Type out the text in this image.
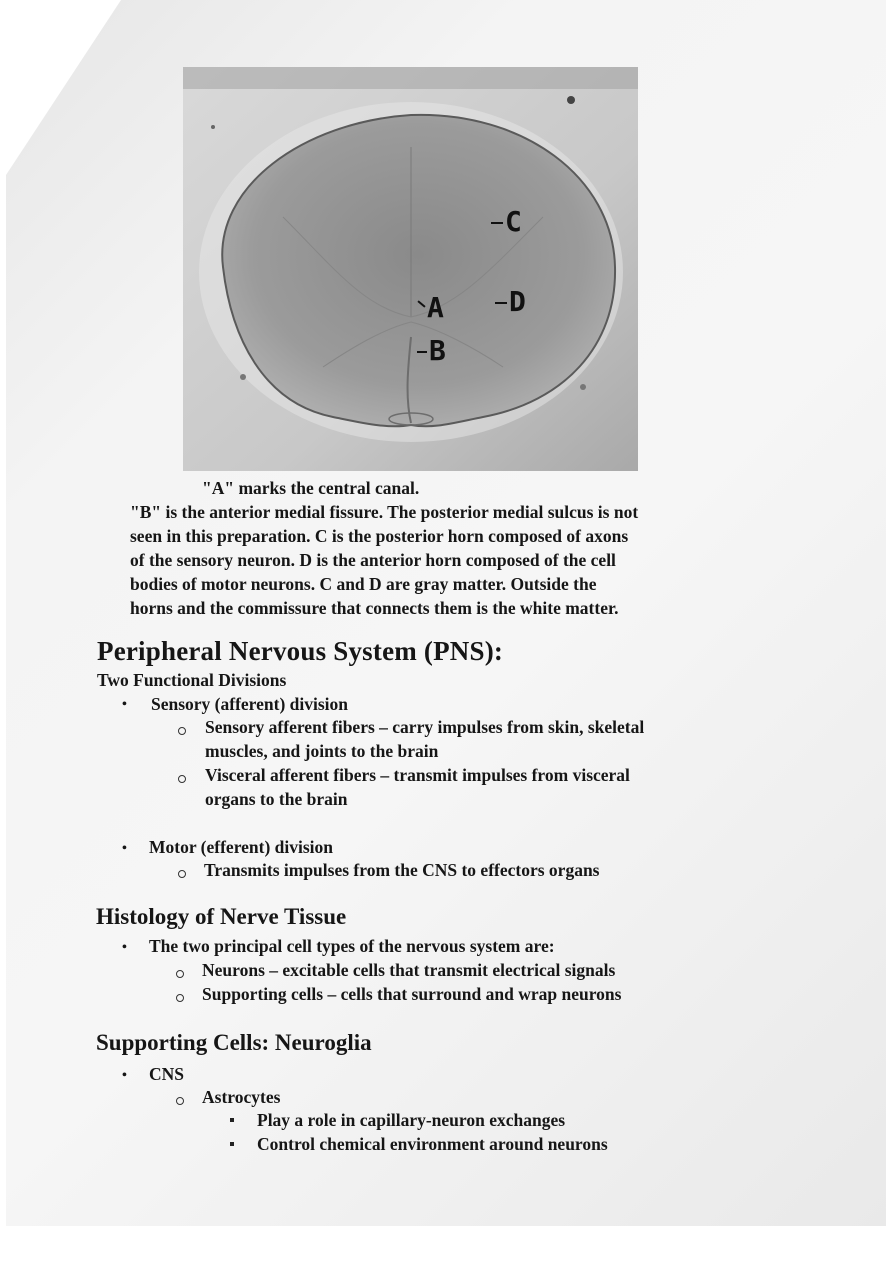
C
D
A
B
"A" marks the central canal.
"B" is the anterior medial fissure. The posterior medial sulcus is not
seen in this preparation. C is the posterior horn composed of axons
of the sensory neuron. D is the anterior horn composed of the cell
bodies of motor neurons. C and D are gray matter. Outside the
horns and the commissure that connects them is the white matter.
Peripheral Nervous System (PNS):
Two Functional Divisions
• Sensory (afferent) division
Sensory afferent fibers – carry impulses from skin, skeletal
muscles, and joints to the brain
Visceral afferent fibers – transmit impulses from visceral
organs to the brain
• Motor (efferent) division
Transmits impulses from the CNS to effectors organs
Histology of Nerve Tissue
• The two principal cell types of the nervous system are:
Neurons – excitable cells that transmit electrical signals
Supporting cells – cells that surround and wrap neurons
Supporting Cells: Neuroglia
• CNS
Astrocytes
Play a role in capillary-neuron exchanges
Control chemical environment around neurons
